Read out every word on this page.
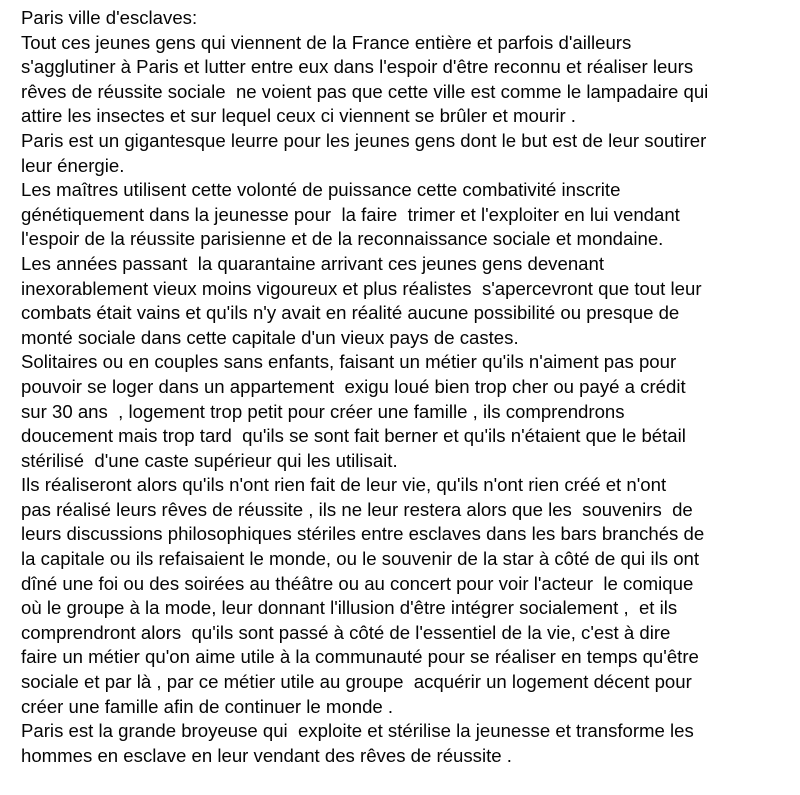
Paris ville d'esclaves:
Tout ces jeunes gens qui viennent de la France entière et parfois d'ailleurs
s'agglutiner à Paris et lutter entre eux dans l'espoir d'être reconnu et réaliser leurs
rêves de réussite sociale  ne voient pas que cette ville est comme le lampadaire qui
attire les insectes et sur lequel ceux ci viennent se brûler et mourir .
Paris est un gigantesque leurre pour les jeunes gens dont le but est de leur soutirer
leur énergie.
Les maîtres utilisent cette volonté de puissance cette combativité inscrite
génétiquement dans la jeunesse pour  la faire  trimer et l'exploiter en lui vendant
l'espoir de la réussite parisienne et de la reconnaissance sociale et mondaine.
Les années passant  la quarantaine arrivant ces jeunes gens devenant
inexorablement vieux moins vigoureux et plus réalistes  s'apercevront que tout leur
combats était vains et qu'ils n'y avait en réalité aucune possibilité ou presque de
monté sociale dans cette capitale d'un vieux pays de castes.
Solitaires ou en couples sans enfants, faisant un métier qu'ils n'aiment pas pour
pouvoir se loger dans un appartement  exigu loué bien trop cher ou payé a crédit
sur 30 ans  , logement trop petit pour créer une famille , ils comprendrons
doucement mais trop tard  qu'ils se sont fait berner et qu'ils n'étaient que le bétail
stérilisé  d'une caste supérieur qui les utilisait.
Ils réaliseront alors qu'ils n'ont rien fait de leur vie, qu'ils n'ont rien créé et n'ont
pas réalisé leurs rêves de réussite , ils ne leur restera alors que les  souvenirs  de
leurs discussions philosophiques stériles entre esclaves dans les bars branchés de
la capitale ou ils refaisaient le monde, ou le souvenir de la star à côté de qui ils ont
dîné une foi ou des soirées au théâtre ou au concert pour voir l'acteur  le comique
où le groupe à la mode, leur donnant l'illusion d'être intégrer socialement ,  et ils
comprendront alors  qu'ils sont passé à côté de l'essentiel de la vie, c'est à dire
faire un métier qu'on aime utile à la communauté pour se réaliser en temps qu'être
sociale et par là , par ce métier utile au groupe  acquérir un logement décent pour
créer une famille afin de continuer le monde .
Paris est la grande broyeuse qui  exploite et stérilise la jeunesse et transforme les
hommes en esclave en leur vendant des rêves de réussite .
